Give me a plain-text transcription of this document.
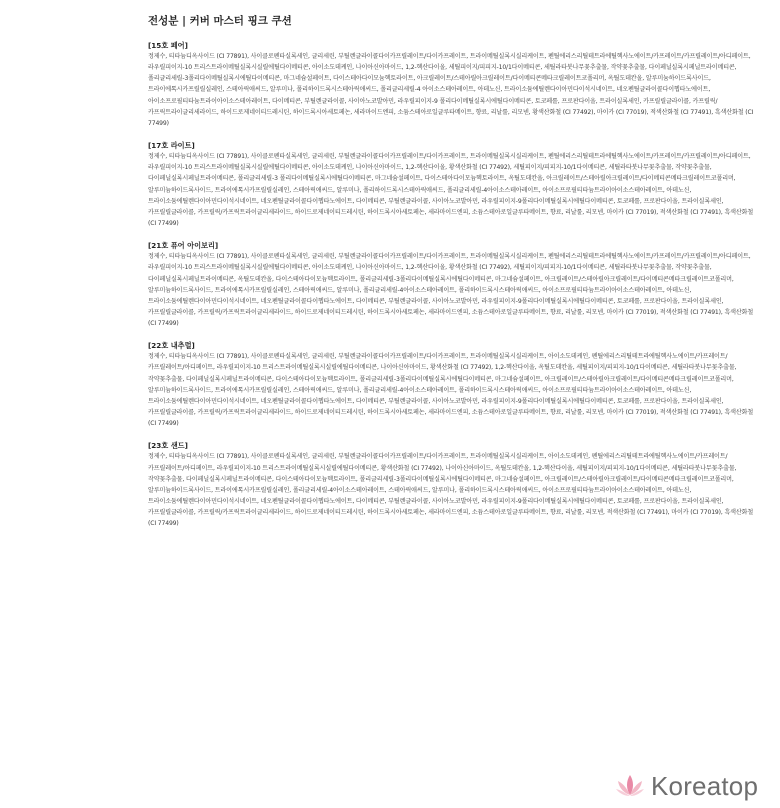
전성분 | 커버 마스터 핑크 쿠션
[15호 페어]
정제수, 티타늄디옥사이드 (CI 77891), 사이클로펜타실록세인, 글리세린, 부틸렌글라이콜다이카프릴레이트/다이카프레이트, 트라이메틸실록시실리케이트, 펜틸에리스리틸테트라에틸헥사노에이트/카프레이트/카프릴레이트/아디페이트, 라우릴피이지-10 트리스트라이메틸실록시실릴에틸다이메티콘, 아이소도데케인, 나이아신아마이드, 1,2-헥산다이올, 세틸피이지/피피지-10/1다이메티콘, 세틸라타붓나무꽃추출물, 작약꽃추출물, 다이페닐실록시페닐트라이메티콘, 폴리글리세릴-3폴리다이메틸실록시에틸다이메티콘, 마그네슘설페이트, 다이스테아다이모늄헥토라이트, 아크릴레이트/스테아릴아크릴레이트/다이메티콘메타크릴레이트코폴리머, 옥틸도데칸올, 알루미늄하이드록사이드, 트라이에톡시카프릴릴실레인, 스테아릭애씨드, 알루미나, 폴리하이드록시스테아릭애씨드, 폴리글리세릴-4 아이소스테아레이트, 아데노신, 트라이소듐에틸렌다이아민다이석시네이트, 네오펜틸글라이콜다이헵타노에이트, 아이소프로필티타늄트라이아이소스테아레이트, 다이메티콘, 부틸렌글라이콜, 사이아노코발아민, 라우릴피이지-9 폴리다이메틸실록시에틸다이메티콘, 토코페롤, 프로판다이올, 트라이실록세인, 카프릴릴글라이콜, 카프릴릭/카프릭트라이글리세라이드, 하이드로제네이티드레시틴, 하이드록시아세토페논, 세라마이드엔피, 소듐스테아로일글루타메이트, 향료, 리날룰, 리모넨, 황색산화철 (CI 77492), 마이카 (CI 77019), 적색산화철 (CI 77491), 흑색산화철 (CI 77499)
[17호 라이트]
정제수, 티타늄디옥사이드 (CI 77891), 사이클로펜타실록세인, 글리세린, 부틸렌글라이콜다이카프릴레이트/다이카프레이트, 트라이메틸실록시실리케이트, 펜틸에리스리틸테트라에틸헥사노에이트/카프레이트/카프릴레이트/아디페이트, 라우릴피이지-10 트리스트라이메틸실록시실릴에틸다이메티콘, 아이소도데케인, 나이아신아마이드, 1,2-헥산다이올, 황색산화철 (CI 77492), 세틸피이지/피피지-10/1다이메티콘, 세틸라타붓나무꽃추출물, 작약꽃추출물, 다이페닐실록시페닐트라이메티콘, 폴리글리세릴-3 폴리다이메틸실록시에틸다이메티콘, 마그네슘설페이트, 다이스테아다이모늄헥토라이트, 옥틸도데칸올, 아크릴레이트/스테아릴아크릴레이트/다이메티콘메타크릴레이트코폴리머, 알루미늄하이드록사이드, 트라이에톡시카프릴릴실레인, 스테아릭애씨드, 알루미나, 폴리하이드록시스테아릭애씨드, 폴리글리세릴-4아이소스테아레이트, 아이소프로필티타늄트라이아이소스테아레이트, 아데노신, 트라이소듐에틸렌다이아민다이석시네이트, 네오펜틸글라이콜다이헵타노에이트, 다이메티콘, 부틸렌글라이콜, 사이아노코발아민, 라우릴피이지-9폴리다이메틸실록시에틸다이메티콘, 토코페롤, 프로판다이올, 트라이실록세인, 카프릴릴글라이콜, 카프릴릭/카프릭트라이글리세라이드, 하이드로제네이티드레시틴, 하이드록시아세토페논, 세라마이드엔피, 소듐스테아로일글루타메이트, 향료, 리날룰, 리모넨, 마이카 (CI 77019), 적색산화철 (CI 77491), 흑색산화철 (CI 77499)
[21호 퓨어 아이보리]
정제수, 티타늄디옥사이드 (CI 77891), 사이클로펜타실록세인, 글리세린, 부틸렌글라이콜다이카프릴레이트/다이카프레이트, 트라이메틸실록시실리케이트, 펜틸에리스리틸테트라에틸헥사노에이트/카프레이트/카프릴레이트/아디페이트, 라우릴피이지-10 트리스트라이메틸실록시실릴에틸다이메티콘, 아이소도데케인, 나이아신아마이드, 1,2-헥산다이올, 황색산화철 (CI 77492), 세틸피이지/피피지-10/1다이메티콘, 세틸라타붓나무꽃추출물, 작약꽃추출물, 다이페닐실록시페닐트라이메티콘, 옥틸도데칸올, 다이스테아다이모늄헥토라이트, 폴리글리세릴-3폴리다이메틸실록시에틸다이메티콘, 마그네슘설페이트, 아크릴레이트/스테아릴아크릴레이트/다이메티콘메타크릴레이트코폴리머, 알루미늄하이드록사이드, 트라이에톡시카프릴릴실레인, 스테아릭애씨드, 알루미나, 폴리글리세릴-4아이소스테아레이트, 폴리하이드록시스테아릭애씨드, 아이소프로필티타늄트라이아이소스테아레이트, 아데노신, 트라이소듐에틸렌다이아민다이석시네이트, 네오펜틸글라이콜다이헵타노에이트, 다이메티콘, 부틸렌글라이콜, 사이아노코발아민, 라우릴피이지-9폴리다이메틸실록시에틸다이메티콘, 토코페롤, 프로판다이올, 트라이실록세인, 카프릴릴글라이콜, 카프릴릭/카프릭트라이글리세라이드, 하이드로제네이티드레시틴, 하이드록시아세토페논, 세라마이드엔피, 소듐스테아로일글루타메이트, 향료, 리날룰, 리모넨, 마이카 (CI 77019), 적색산화철 (CI 77491), 흑색산화철 (CI 77499)
[22호 내추럴]
정제수, 티타늄디옥사이드 (CI 77891), 사이클로펜타실록세인, 글리세린, 부틸렌글라이콜다이카프릴레이트/다이카프레이트, 트라이메틸실록시실리케이트, 아이소도데케인, 펜틸에리스리틸테트라에틸헥사노에이트/카프레이트/카프릴레이트/아디페이트, 라우릴피이지-10 트리스트라이메틸실록시실릴에틸다이메티콘, 나이아신아마이드, 황색산화철 (CI 77492), 1,2-헥산다이올, 옥틸도데칸올, 세틸피이지/피피지-10/1다이메티콘, 세틸라타붓나무꽃추출물, 작약꽃추출물, 다이페닐실록시페닐트라이메티콘, 다이스테아다이모늄헥토라이트, 폴리글리세릴-3폴리다이메틸실록시에틸다이메티콘, 마그네슘설페이트, 아크릴레이트/스테아릴아크릴레이트/다이메티콘메타크릴레이트코폴리머, 알루미늄하이드록사이드, 트라이에톡시카프릴릴실레인, 스테아릭애씨드, 알루미나, 폴리글리세릴-4아이소스테아레이트, 폴리하이드록시스테아릭애씨드, 아이소프로필티타늄트라이아이소스테아레이트, 아데노신, 트라이소듐에틸렌다이아민다이석시네이트, 네오펜틸글라이콜다이헵타노에이트, 다이메티콘, 부틸렌글라이콜, 사이아노코발아민, 라우릴피이지-9폴리다이메틸실록시에틸다이메티콘, 토코페롤, 프로판다이올, 트라이실록세인, 카프릴릴글라이콜, 카프릴릭/카프릭트라이글리세라이드, 하이드로제네이티드레시틴, 하이드록시아세토페논, 세라마이드엔피, 소듐스테아로일글루타메이트, 향료, 리날룰, 리모넨, 마이카 (CI 77019), 적색산화철 (CI 77491), 흑색산화철 (CI 77499)
[23호 샌드]
정제수, 티타늄디옥사이드 (CI 77891), 사이클로펜타실록세인, 글리세린, 부틸렌글라이콜다이카프릴레이트/다이카프레이트, 트라이메틸실록시실리케이트, 아이소도데케인, 펜틸에리스리틸테트라에틸헥사노에이트/카프레이트/카프릴레이트/아디페이트, 라우릴피이지-10 트리스트라이메틸실록시실릴에틸다이메티콘, 황색산화철 (CI 77492), 나이아신아마이드, 옥틸도데칸올, 1,2-헥산다이올, 세틸피이지/피피지-10/1다이메티콘, 세틸라타붓나무꽃추출물, 작약꽃추출물, 다이페닐실록시페닐트라이메티콘, 다이스테아다이모늄헥토라이트, 폴리글리세릴-3폴리다이메틸실록시에틸다이메티콘, 마그네슘설페이트, 아크릴레이트/스테아릴아크릴레이트/다이메티콘메타크릴레이트코폴리머, 알루미늄하이드록사이드, 트라이에톡시카프릴릴실레인, 폴리글리세릴-4아이소스테아레이트, 스테아릭애씨드, 알루미나, 폴리하이드록시스테아릭애씨드, 아이소프로필티타늄트라이아이소스테아레이트, 아데노신, 트라이소듐에틸렌다이아민다이석시네이트, 네오펜틸글라이콜다이헵타노에이트, 다이메티콘, 부틸렌글라이콜, 사이아노코발아민, 라우릴피이지-9폴리다이메틸실록시에틸다이메티콘, 토코페롤, 프로판다이올, 트라이실록세인, 카프릴릴글라이콜, 카프릴릭/카프릭트라이글리세라이드, 하이드로제네이티드레시틴, 하이드록시아세토페논, 세라마이드엔피, 소듐스테아로일글루타메이트, 향료, 리날룰, 리모넨, 적색산화철 (CI 77491), 마이카 (CI 77019), 흑색산화철 (CI 77499)
Koreatop
